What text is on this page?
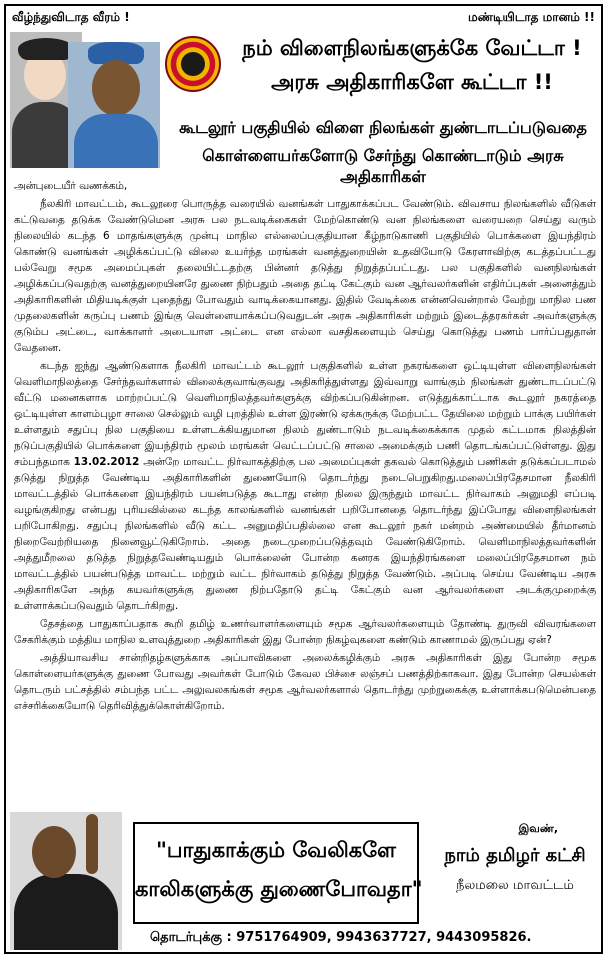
வீழ்ந்துவிடாத வீரம் !	மண்டியிடாத மானம் !!
நம் விளைநிலங்களுக்கே வேட்டா !
அரசு அதிகாரிகளே கூட்டா !!
கூடலூர் பகுதியில் விளை நிலங்கள் துண்டாடப்படுவதை
கொள்ளையர்களோடு சேர்ந்து கொண்டாடும் அரசு அதிகாரிகள்

அன்புடையீர் வணக்கம்,

நீலகிரி மாவட்டம், கூடலூரை பொருத்த வரையில் வனங்கள் பாதுகாக்கப்பட வேண்டும். விவசாய நிலங்களில் வீடுகள் கட்டுவதை தடுக்க வேண்டுமென அரசு பல நடவடிக்கைகள் மேற்கொண்டு வன நிலங்களை வரையறை செய்து வரும் நிலையில் கடந்த 6 மாதங்களுக்கு முன்பு மாநில எல்லைப்பகுதியான கீழ்நாடுகாணி பகுதியில் பொக்களை இயந்திரம் கொண்டு வனங்கள் அழிக்கப்பட்டு விலை உயர்ந்த மரங்கள் வனத்துறையின் உதவியோடு கேரளாவிற்கு கடத்தப்பட்டது பல்வேறு சமூக அமைப்புகள் தலையிட்டதற்கு பின்னர் தடுத்து நிறுத்தப்பட்டது. பல பகுதிகளில் வனநிலங்கள் அழிக்கப்படுவதற்கு வனத்துறையினரே துணை நிற்பதும் அதை தட்டி கேட்கும் வன ஆர்வலர்களின் எதிர்ப்புகள் அனைத்தும் அதிகாரிகளின் மிதியடிக்குள் புதைந்து போவதும் வாடிக்கையானது. இதில் வேடிக்கை என்னவென்றால் வேற்று மாநில பண முதலைகளின் கருப்பு பணம் இங்கு வெள்ளையாக்கப்படுவதுடன் அரசு அதிகாரிகள் மற்றும் இடைத்தரகர்கள் அவர்களுக்கு குடும்ப அட்டை, வாக்காளர் அடையாள அட்டை என எல்லா வசதிகளையும் செய்து கொடுத்து பணம் பார்ப்பதுதான் வேதனை.

கடந்த ஐந்து ஆண்டுகளாக நீலகிரி மாவட்டம் கூடலூர் பகுதிகளில் உள்ள நகரங்களை ஒட்டியுள்ள விளைநிலங்கள் வெளிமாநிலத்தை சேர்ந்தவர்களால் விலைக்குவாங்குவது அதிகரித்துள்ளது இவ்வாறு வாங்கும் நிலங்கள் துண்டாடப்பட்டு வீட்டு மனைகளாக மாற்றப்பட்டு வெளிமாநிலத்தவர்களுக்கு விற்கப்படுகின்றன. எடுத்துக்காட்டாக கூடலூர் நகரத்தை ஒட்டியுள்ள காளம்புழா சாலை செல்லும் வழி புறத்தில் உள்ள இரண்டு ஏக்கருக்கு மேற்பட்ட தேயிலை மற்றும் பாக்கு பயிர்கள் உள்ளதும் சதுப்பு நில பகுதியை உள்ளடக்கியதுமான நிலம் துண்டாடும் நடவடிக்கைக்காக முதல் கட்டமாக நிலத்தின் நடுப்பகுதியில் பொக்களை இயந்திரம் மூலம் மரங்கள் வெட்டப்பட்டு சாலை அமைக்கும் பணி தொடங்கப்பட்டுள்ளது. இது சம்பந்தமாக 13.02.2012 அன்றே மாவட்ட நிர்வாகத்திற்கு பல அமைப்புகள் தகவல் கொடுத்தும் பணிகள் தடுக்கப்படாமல் தடுத்து நிறுத்த வேண்டிய அதிகாரிகளின் துணையோடு தொடர்ந்து நடைபெறுகிறது.மலைப்பிரதேசமான நீலகிரி மாவட்டத்தில் பொக்களை இயந்திரம் பயன்படுத்த கூடாது என்ற நிலை இருந்தும் மாவட்ட நிர்வாகம் அனுமதி எப்படி வழங்குகிறது என்பது புரியவில்லை கடந்த காலங்களில் வனங்கள் பறிபோனதை தொடர்ந்து இப்போது விளைநிலங்கள் பறிபோகிறது. சதுப்பு நிலங்களில் வீடு கட்ட அனுமதிப்பதில்லை என கூடலூர் நகர் மன்றம் அண்மையில் தீர்மானம் நிறைவேற்றியதை நினைவூட்டுகிறோம். அதை நடைமுறைப்படுத்தவும் வேண்டுகிறோம். வெளிமாநிலத்தவர்களின் அத்துமீறலை தடுத்த நிறுத்தவேண்டியதும் பொக்லைன் போன்ற கனரக இயந்திரங்களை மலைப்பிரதேசமான நம் மாவட்டத்தில் பயன்படுத்த மாவட்ட மற்றும் வட்ட நிர்வாகம் தடுத்து நிறுத்த வேண்டும். அப்படி செய்ய வேண்டிய அரசு அதிகாரிகளே அந்த கயவர்களுக்கு துணை நிற்பதோடு தட்டி கேட்கும் வன ஆர்வலர்களை அடக்குமுறைக்கு உள்ளாக்கப்படுவதும் தொடர்கிறது.

தேசத்தை பாதுகாப்பதாக கூறி தமிழ் உணர்வாளர்களையும் சமூக ஆர்வலர்களையும் தோண்டி துருவி விவரங்களை சேகரிக்கும் மத்திய மாநில உளவுத்துறை அதிகாரிகள் இது போன்ற நிகழ்வுகளை கண்டும் காணாமல் இருப்பது ஏன்?

அத்தியாவசிய சான்றிதழ்களுக்காக அப்பாவிகளை அலைக்கழிக்கும் அரசு அதிகாரிகள் இது போன்ற சமூக கொள்ளையர்களுக்கு துணை போவது அவர்கள் போடும் கேவல பிச்சை லஞ்சப் பணத்திற்காகவா. இது போன்ற செயல்கள் தொடரும் பட்சத்தில் சம்பந்த பட்ட அலுவலகங்கள் சமூக ஆர்வலர்களால் தொடர்ந்து முற்றுகைக்கு உள்ளாக்கபடுமென்பதை எச்சரிக்கையோடு தெரிவித்துக்கொள்கிறோம்.

"பாதுகாக்கும் வேலிகளே
காலிகளுக்கு துணைபோவதா"
இவண்,
நாம் தமிழர் கட்சி
நீலமலை மாவட்டம்
தொடர்புக்கு : 9751764909, 9943637727, 9443095826.
